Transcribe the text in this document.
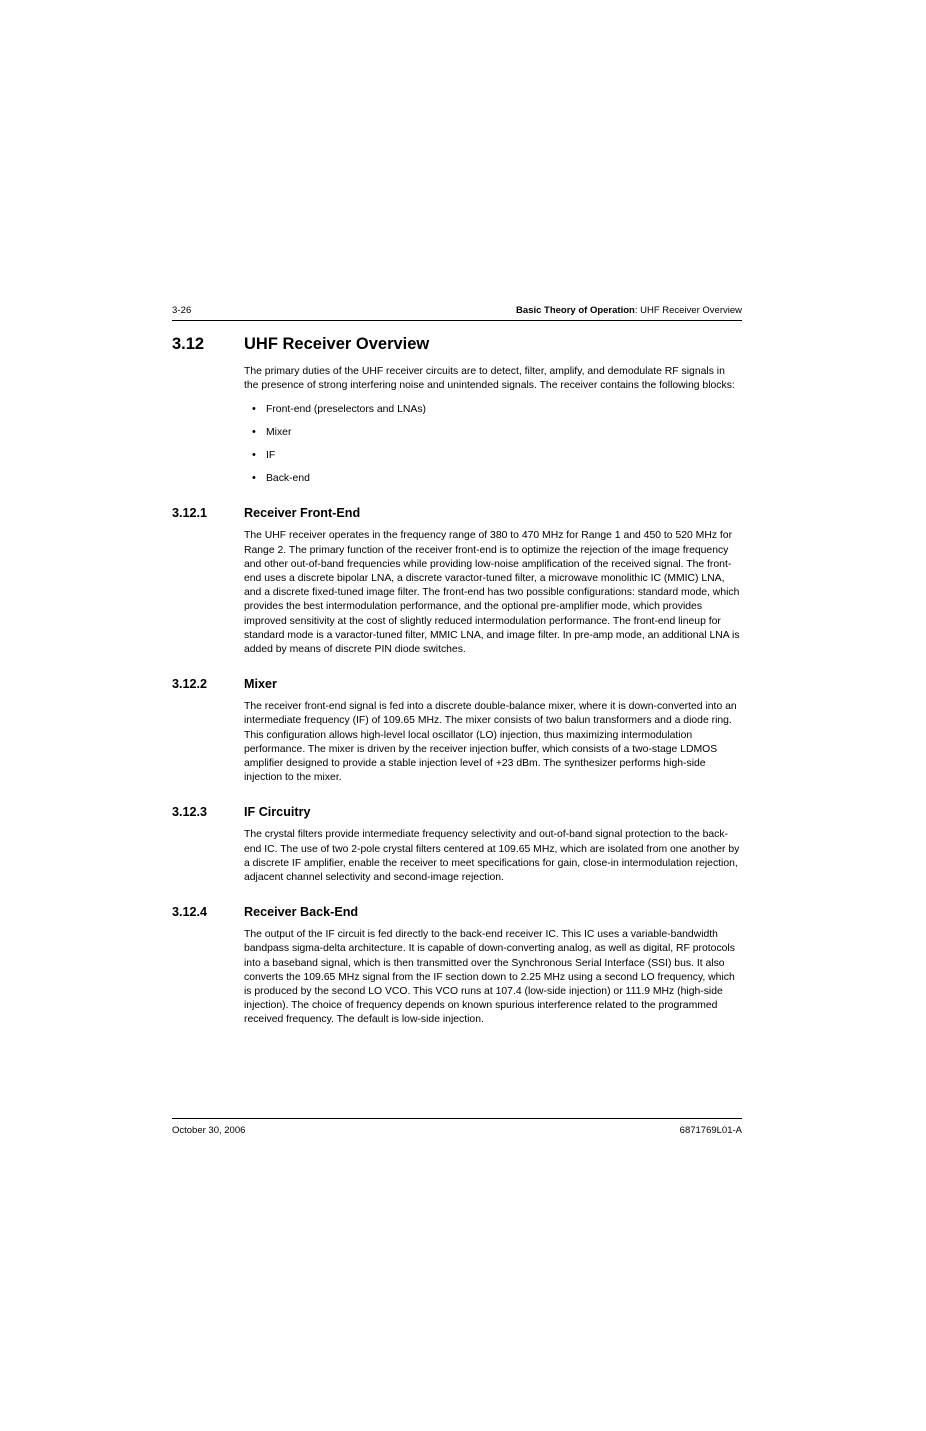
3-26	Basic Theory of Operation: UHF Receiver Overview
3.12	UHF Receiver Overview

The primary duties of the UHF receiver circuits are to detect, filter, amplify, and demodulate RF signals in the presence of strong interfering noise and unintended signals. The receiver contains the following blocks:

• Front-end (preselectors and LNAs)
• Mixer
• IF
• Back-end
3.12.1	Receiver Front-End

The UHF receiver operates in the frequency range of 380 to 470 MHz for Range 1 and 450 to 520 MHz for Range 2. The primary function of the receiver front-end is to optimize the rejection of the image frequency and other out-of-band frequencies while providing low-noise amplification of the received signal. The front-end uses a discrete bipolar LNA, a discrete varactor-tuned filter, a microwave monolithic IC (MMIC) LNA, and a discrete fixed-tuned image filter. The front-end has two possible configurations: standard mode, which provides the best intermodulation performance, and the optional pre-amplifier mode, which provides improved sensitivity at the cost of slightly reduced intermodulation performance. The front-end lineup for standard mode is a varactor-tuned filter, MMIC LNA, and image filter. In pre-amp mode, an additional LNA is added by means of discrete PIN diode switches.

3.12.2	Mixer

The receiver front-end signal is fed into a discrete double-balance mixer, where it is down-converted into an intermediate frequency (IF) of 109.65 MHz. The mixer consists of two balun transformers and a diode ring. This configuration allows high-level local oscillator (LO) injection, thus maximizing intermodulation performance. The mixer is driven by the receiver injection buffer, which consists of a two-stage LDMOS amplifier designed to provide a stable injection level of +23 dBm. The synthesizer performs high-side injection to the mixer.

3.12.3	IF Circuitry

The crystal filters provide intermediate frequency selectivity and out-of-band signal protection to the back-end IC. The use of two 2-pole crystal filters centered at 109.65 MHz, which are isolated from one another by a discrete IF amplifier, enable the receiver to meet specifications for gain, close-in intermodulation rejection, adjacent channel selectivity and second-image rejection.

3.12.4	Receiver Back-End

The output of the IF circuit is fed directly to the back-end receiver IC. This IC uses a variable-bandwidth bandpass sigma-delta architecture. It is capable of down-converting analog, as well as digital, RF protocols into a baseband signal, which is then transmitted over the Synchronous Serial Interface (SSI) bus. It also converts the 109.65 MHz signal from the IF section down to 2.25 MHz using a second LO frequency, which is produced by the second LO VCO. This VCO runs at 107.4 (low-side injection) or 111.9 MHz (high-side injection). The choice of frequency depends on known spurious interference related to the programmed received frequency. The default is low-side injection.

October 30, 2006	6871769L01-A
